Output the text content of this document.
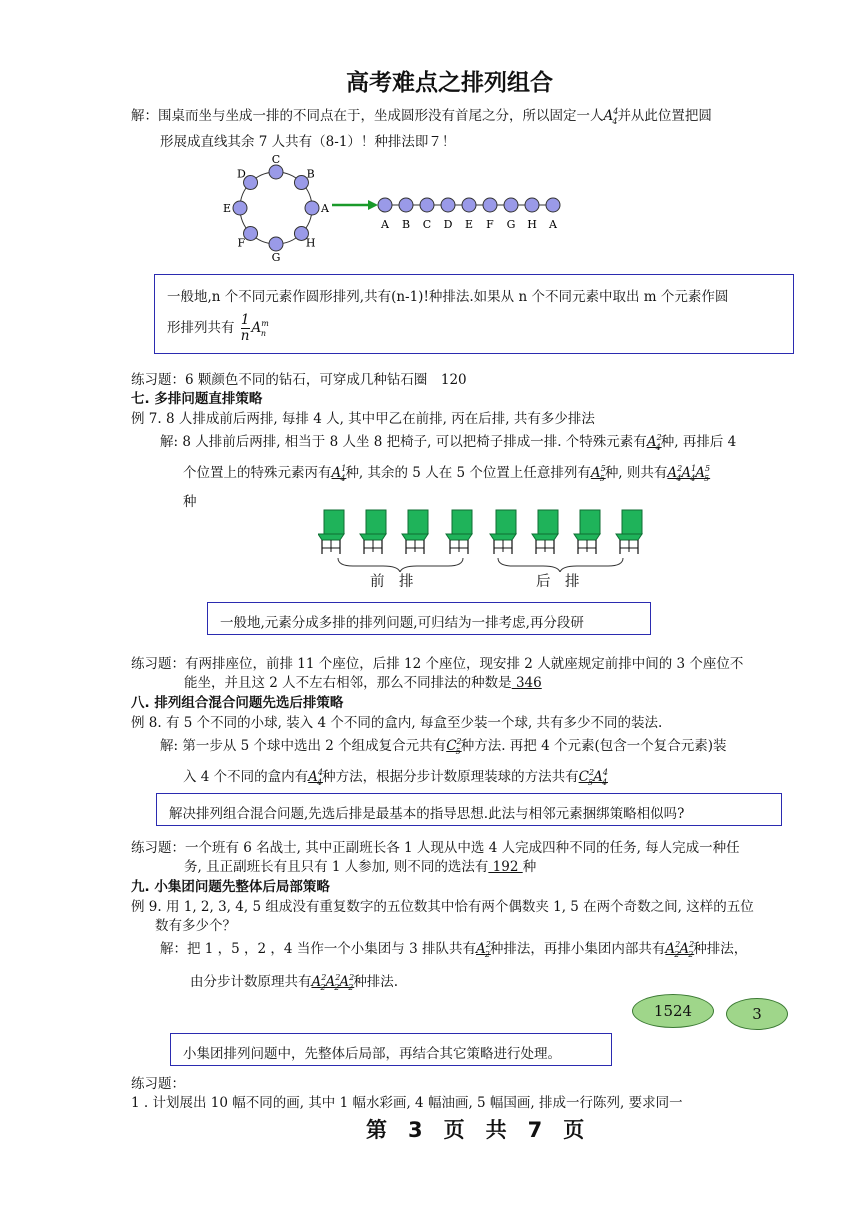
高考难点之排列组合
解：围桌而坐与坐成一排的不同点在于，坐成圆形没有首尾之分，所以固定一人$A^4_4$并从此位置把圆
形展成直线其余 7 人共有（8-1）！种排法即７！
A
B
C
D
E
F
G
H
A B C D E F G H A
一般地,n 个不同元素作圆形排列,共有(n-1)!种排法.如果从 n 个不同元素中取出 m 个元素作圆
形排列共有 $\frac{1}{n} A^m_n$
练习题：6 颗颜色不同的钻石，可穿成几种钻石圈　120
七. 多排问题直排策略
例 7. 8 人排成前后两排, 每排 4 人, 其中甲乙在前排, 丙在后排, 共有多少排法
解: 8 人排前后两排, 相当于 8 人坐 8 把椅子, 可以把椅子排成一排. 个特殊元素有$A^2_4$种, 再排后 4
个位置上的特殊元素丙有$A^1_4$种, 其余的 5 人在 5 个位置上任意排列有$A^5_5$种, 则共有$A^2_4A^1_4A^5_5$
种
前　排	后　排
一般地,元素分成多排的排列问题,可归结为一排考虑,再分段研
练习题：有两排座位，前排 11 个座位，后排 12 个座位，现安排 2 人就座规定前排中间的 3 个座位不
能坐，并且这 2 人不左右相邻，那么不同排法的种数是 346
八. 排列组合混合问题先选后排策略
例 8. 有 5 个不同的小球, 装入 4 个不同的盒内, 每盒至少装一个球, 共有多少不同的装法.
解: 第一步从 5 个球中选出 2 个组成复合元共有$C^2_5$种方法. 再把 4 个元素(包含一个复合元素)装
入 4 个不同的盒内有$A^4_4$种方法，根据分步计数原理装球的方法共有$C^2_5A^4_4$
解决排列组合混合问题,先选后排是最基本的指导思想.此法与相邻元素捆绑策略相似吗?
练习题：一个班有 6 名战士, 其中正副班长各 1 人现从中选 4 人完成四种不同的任务, 每人完成一种任
务, 且正副班长有且只有 1 人参加, 则不同的选法有 192 种
九. 小集团问题先整体后局部策略
例 9. 用 1, 2, 3, 4, 5 组成没有重复数字的五位数其中恰有两个偶数夹 1, 5 在两个奇数之间, 这样的五位
数有多少个？
解：把 1 ，5 ，2 ，4 当作一个小集团与 3 排队共有$A^2_2$种排法，再排小集团内部共有$A^2_2A^2_2$种排法，
由分步计数原理共有$A^2_2A^2_2A^2_2$种排法.
1524	3
小集团排列问题中，先整体后局部，再结合其它策略进行处理。
练习题：
1 . 计划展出 10 幅不同的画, 其中 1 幅水彩画, 4 幅油画, 5 幅国画, 排成一行陈列, 要求同一
第　3　页　共　7　页
